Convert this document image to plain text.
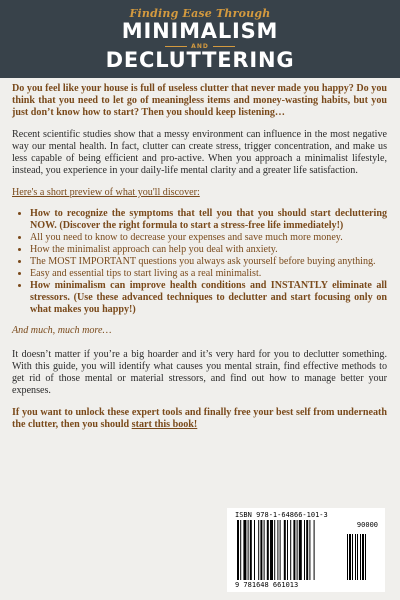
Finding Ease Through
MINIMALISM
AND
DECLUTTERING

Do you feel like your house is full of useless clutter that never made you happy? Do you think that you need to let go of meaningless items and money-wasting habits, but you just don’t know how to start? Then you should keep listening…

Recent scientific studies show that a messy environment can influence in the most negative way our mental health. In fact, clutter can create stress, trigger concentration, and make us less capable of being efficient and pro-active. When you approach a minimalist lifestyle, instead, you experience in your daily-life mental clarity and a greater life satisfaction.

Here's a short preview of what you'll discover:

• How to recognize the symptoms that tell you that you should start decluttering NOW. (Discover the right formula to start a stress-free life immediately!)
• All you need to know to decrease your expenses and save much more money.
• How the minimalist approach can help you deal with anxiety.
• The MOST IMPORTANT questions you always ask yourself before buying anything.
• Easy and essential tips to start living as a real minimalist.
• How minimalism can improve health conditions and INSTANTLY eliminate all stressors. (Use these advanced techniques to declutter and start focusing only on what makes you happy!)

And much, much more…

It doesn’t matter if you’re a big hoarder and it’s very hard for you to declutter something. With this guide, you will identify what causes you mental strain, find effective methods to get rid of those mental or material stressors, and find out how to manage better your expenses.

If you want to unlock these expert tools and finally free your best self from underneath the clutter, then you should start this book!

ISBN 978-1-64866-101-3
90000
9 781648 661013
